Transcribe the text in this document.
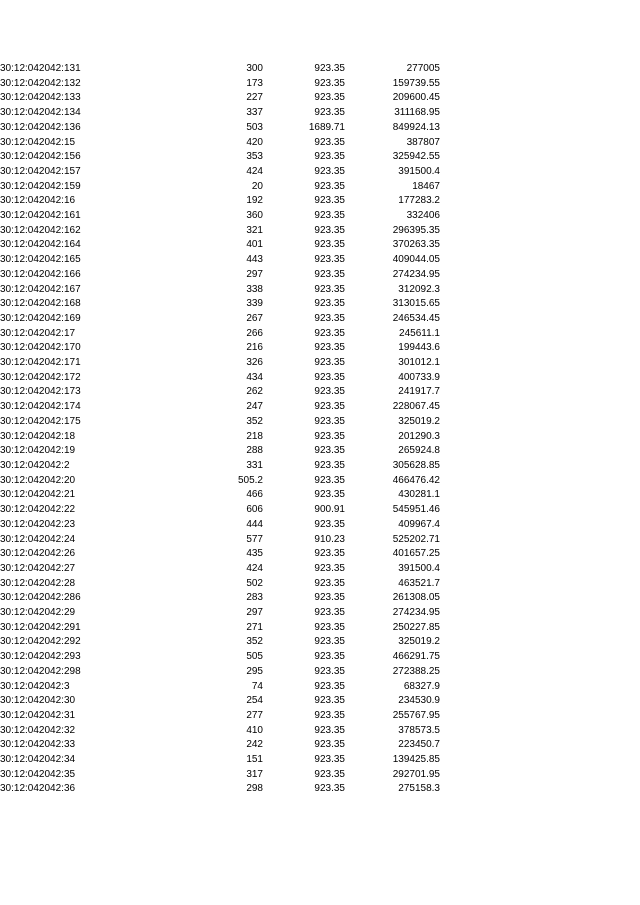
30:12:042042:131	300	923.35	277005
30:12:042042:132	173	923.35	159739.55
30:12:042042:133	227	923.35	209600.45
30:12:042042:134	337	923.35	311168.95
30:12:042042:136	503	1689.71	849924.13
30:12:042042:15	420	923.35	387807
30:12:042042:156	353	923.35	325942.55
30:12:042042:157	424	923.35	391500.4
30:12:042042:159	20	923.35	18467
30:12:042042:16	192	923.35	177283.2
30:12:042042:161	360	923.35	332406
30:12:042042:162	321	923.35	296395.35
30:12:042042:164	401	923.35	370263.35
30:12:042042:165	443	923.35	409044.05
30:12:042042:166	297	923.35	274234.95
30:12:042042:167	338	923.35	312092.3
30:12:042042:168	339	923.35	313015.65
30:12:042042:169	267	923.35	246534.45
30:12:042042:17	266	923.35	245611.1
30:12:042042:170	216	923.35	199443.6
30:12:042042:171	326	923.35	301012.1
30:12:042042:172	434	923.35	400733.9
30:12:042042:173	262	923.35	241917.7
30:12:042042:174	247	923.35	228067.45
30:12:042042:175	352	923.35	325019.2
30:12:042042:18	218	923.35	201290.3
30:12:042042:19	288	923.35	265924.8
30:12:042042:2	331	923.35	305628.85
30:12:042042:20	505.2	923.35	466476.42
30:12:042042:21	466	923.35	430281.1
30:12:042042:22	606	900.91	545951.46
30:12:042042:23	444	923.35	409967.4
30:12:042042:24	577	910.23	525202.71
30:12:042042:26	435	923.35	401657.25
30:12:042042:27	424	923.35	391500.4
30:12:042042:28	502	923.35	463521.7
30:12:042042:286	283	923.35	261308.05
30:12:042042:29	297	923.35	274234.95
30:12:042042:291	271	923.35	250227.85
30:12:042042:292	352	923.35	325019.2
30:12:042042:293	505	923.35	466291.75
30:12:042042:298	295	923.35	272388.25
30:12:042042:3	74	923.35	68327.9
30:12:042042:30	254	923.35	234530.9
30:12:042042:31	277	923.35	255767.95
30:12:042042:32	410	923.35	378573.5
30:12:042042:33	242	923.35	223450.7
30:12:042042:34	151	923.35	139425.85
30:12:042042:35	317	923.35	292701.95
30:12:042042:36	298	923.35	275158.3
